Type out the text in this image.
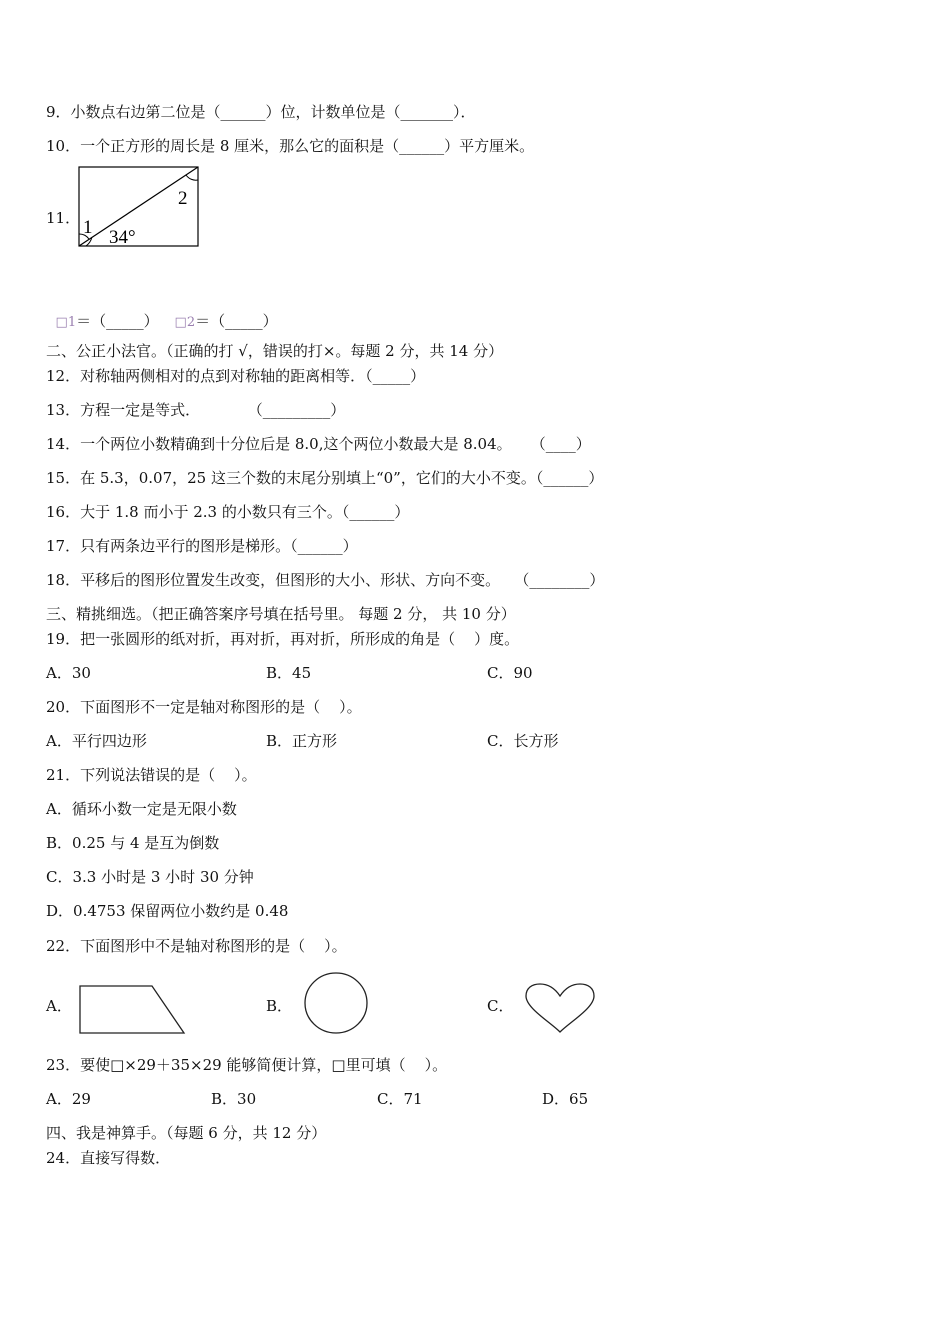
9．小数点右边第二位是（______）位，计数单位是（_______）．
10．一个正方形的周长是 8 厘米，那么它的面积是（______）平方厘米。
11． 1
2
34°

□1＝（_____）	□2＝（_____）

二、公正小法官。（正确的打 √，错误的打×。每题 2 分，共 14 分）
12．对称轴两侧相对的点到对称轴的距离相等．（_____）
13．方程一定是等式．          （_________）
14．一个两位小数精确到十分位后是 8.0,这个两位小数最大是 8.04。    （____）
15．在 5.3，0.07，25 这三个数的末尾分别填上“0”，它们的大小不变。（______）
16．大于 1.8 而小于 2.3 的小数只有三个。（______）
17．只有两条边平行的图形是梯形。（______）
18．平移后的图形位置发生改变，但图形的大小、形状、方向不变。   （________）
三、精挑细选。（把正确答案序号填在括号里。 每题 2 分， 共 10 分）
19．把一张圆形的纸对折，再对折，再对折，所形成的角是（    ）度。
A．30	B．45	C．90
20．下面图形不一定是轴对称图形的是（    ）。
A．平行四边形	B．正方形	C．长方形
21．下列说法错误的是（    ）。
A．循环小数一定是无限小数
B．0.25 与 4 是互为倒数
C．3.3 小时是 3 小时 30 分钟
D．0.4753 保留两位小数约是 0.48
22．下面图形中不是轴对称图形的是（    ）。
A．	B．	C．
23．要使□×29＋35×29 能够简便计算，□里可填（    ）。
A．29	B．30	C．71	D．65
四、我是神算手。（每题 6 分，共 12 分）
24．直接写得数．
